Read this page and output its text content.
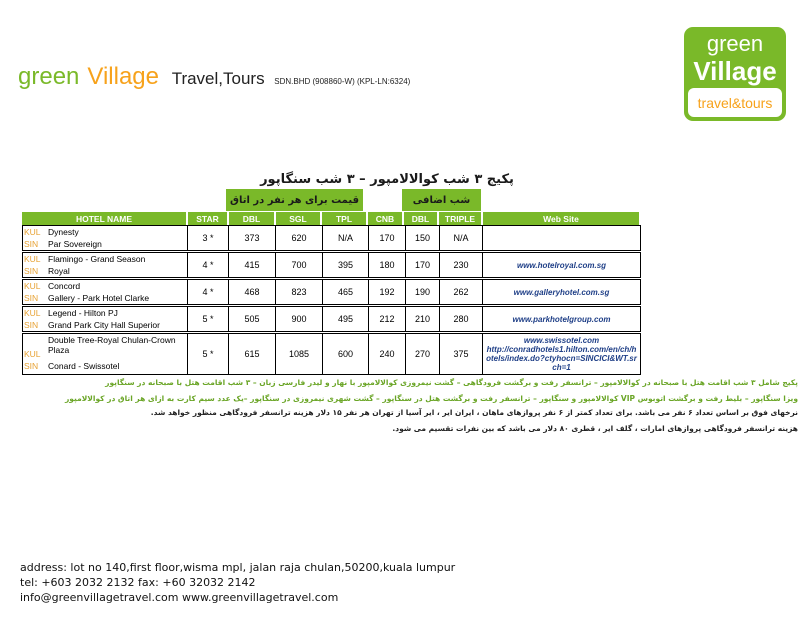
green Village Travel,Tours SDN.BHD (908860-W) (KPL-LN:6324)
green
Village
travel&tours
پکیج ۳ شب کوالالامپور – ۳ شب سنگاپور
قیمت برای هر نفر در اتاق	شب اضافی
HOTEL NAME	STAR	DBL	SGL	TPL	CNB	DBL	TRIPLE	Web Site
KUL Dynesty
SIN	Par Sovereign
3 *	373	620	N/A	170	150	N/A
KUL Flamingo - Grand Season
SIN	Royal
4 *	415	700	395	180	170	230	www.hotelroyal.com.sg
KUL Concord
SIN	Gallery - Park Hotel Clarke
4 *	468	823	465	192	190	262	www.galleryhotel.com.sg
KUL Legend - Hilton PJ
SIN	Grand Park City Hall Superior
5 *	505	900	495	212	210	280	www.parkhotelgroup.com
Double Tree-Royal Chulan-Crown
Plaza
KUL
SIN	Conard - Swissotel
5 *	615	1085	600	240	270	375
www.swissotel.com
http://conradhotels1.hilton.com/en/ch/h
otels/index.do?ctyhocn=SINCICI&WT.sr
ch=1

پکیج شامل ۳ شب اقامت هتل با صبحانه در کوالالامپور – ترانسفر رفت و برگشت فرودگاهی – گشت نیمروزی کوالالامپور با نهار و لیدر فارسی زبان – ۳ شب اقامت هتل با صبحانه در سنگاپور

ویزا سنگاپور – بلیط رفت و برگشت اتوبوس VIP کوالالامپور و سنگاپور – ترانسفر رفت و برگشت هتل در سنگاپور – گشت شهری نیمروزی در سنگاپور –یک عدد سیم کارت به ازای هر اتاق در کوالالامپور

نرخهای فوق بر اساس تعداد ۶ نفر می باشد. برای تعداد کمتر از ۶ نفر پروازهای ماهان ، ایران ایر ، ایر آسیا از تهران هر نفر ۱۵ دلار هزینه ترانسفر فرودگاهی منظور خواهد شد.

هزینه ترانسفر فرودگاهی پروازهای امارات ، گلف ایر ، قطری ۸۰ دلار می باشد که بین نفرات تقسیم می شود.

address: lot no 140,first floor,wisma mpl, jalan raja chulan,50200,kuala lumpur
tel: +603 2032 2132 fax: +60 32032 2142
info@greenvillagetravel.com www.greenvillagetravel.com
